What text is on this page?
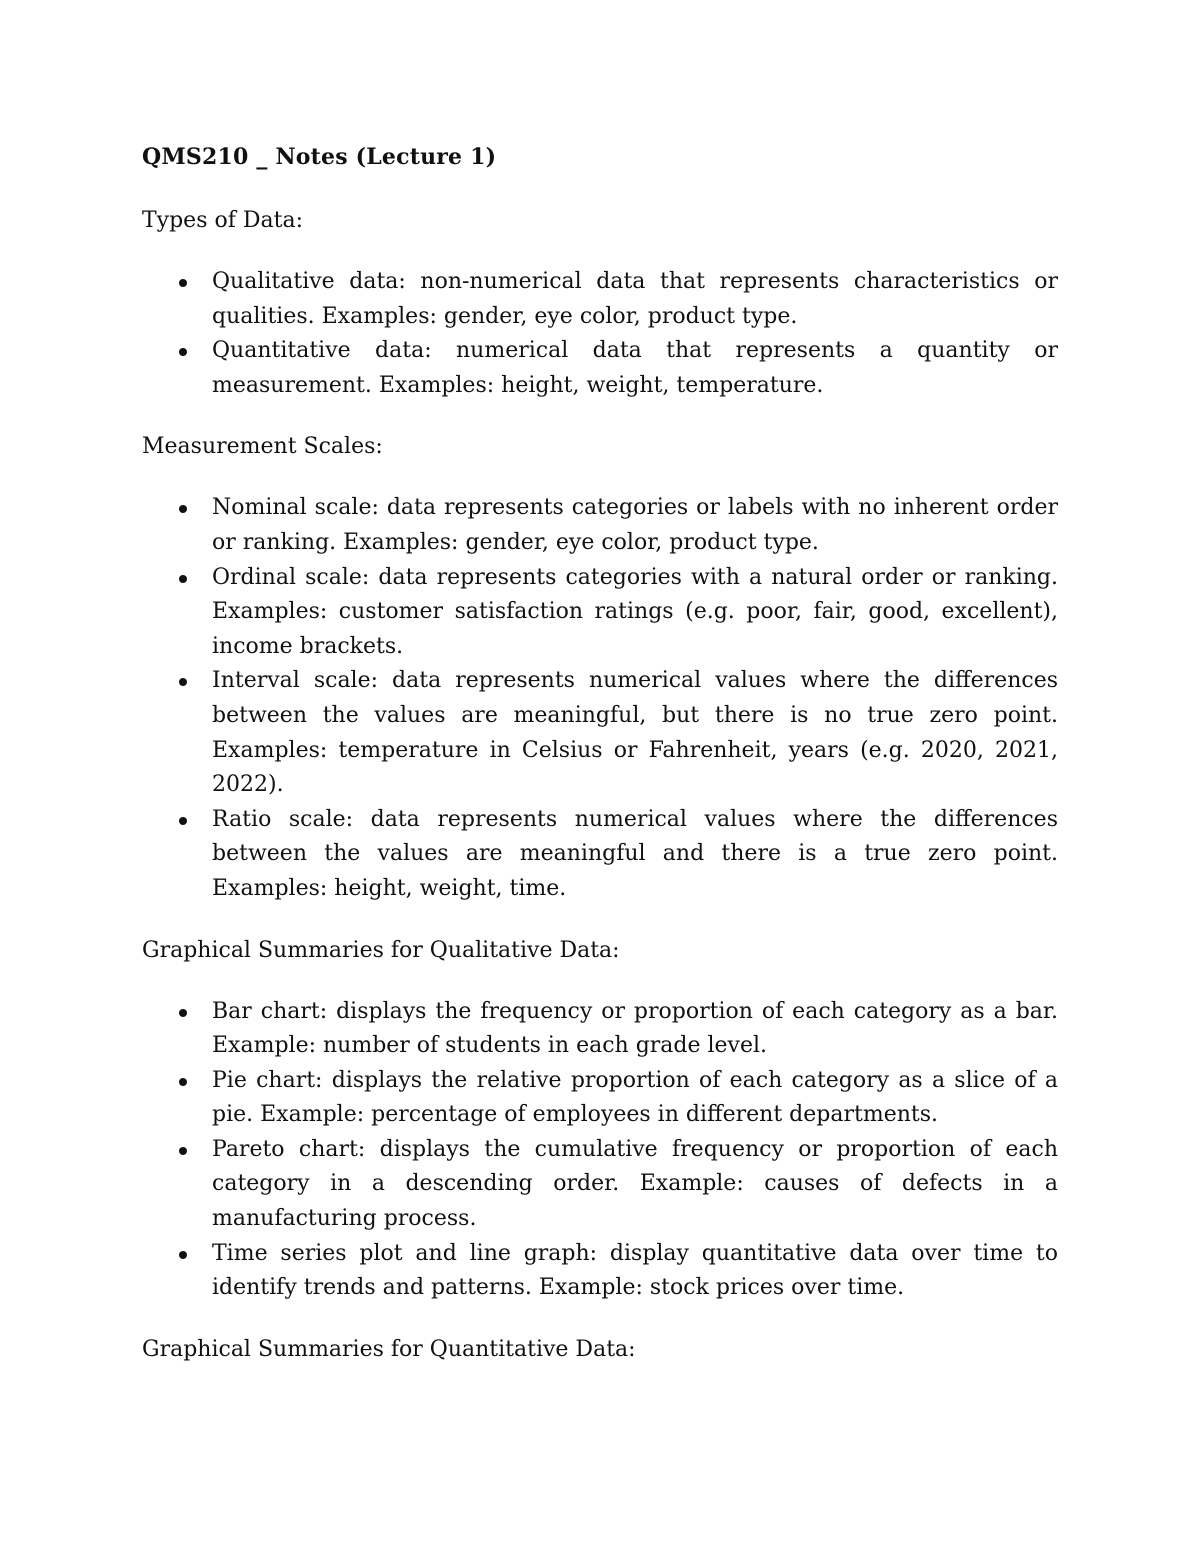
QMS210 _ Notes (Lecture 1)
Types of Data:
Qualitative data: non-numerical data that represents characteristics or qualities. Examples: gender, eye color, product type.
Quantitative data: numerical data that represents a quantity or measurement. Examples: height, weight, temperature.
Measurement Scales:
Nominal scale: data represents categories or labels with no inherent order or ranking. Examples: gender, eye color, product type.
Ordinal scale: data represents categories with a natural order or ranking. Examples: customer satisfaction ratings (e.g. poor, fair, good, excellent), income brackets.
Interval scale: data represents numerical values where the differences between the values are meaningful, but there is no true zero point. Examples: temperature in Celsius or Fahrenheit, years (e.g. 2020, 2021, 2022).
Ratio scale: data represents numerical values where the differences between the values are meaningful and there is a true zero point. Examples: height, weight, time.
Graphical Summaries for Qualitative Data:
Bar chart: displays the frequency or proportion of each category as a bar. Example: number of students in each grade level.
Pie chart: displays the relative proportion of each category as a slice of a pie. Example: percentage of employees in different departments.
Pareto chart: displays the cumulative frequency or proportion of each category in a descending order. Example: causes of defects in a manufacturing process.
Time series plot and line graph: display quantitative data over time to identify trends and patterns. Example: stock prices over time.
Graphical Summaries for Quantitative Data:
